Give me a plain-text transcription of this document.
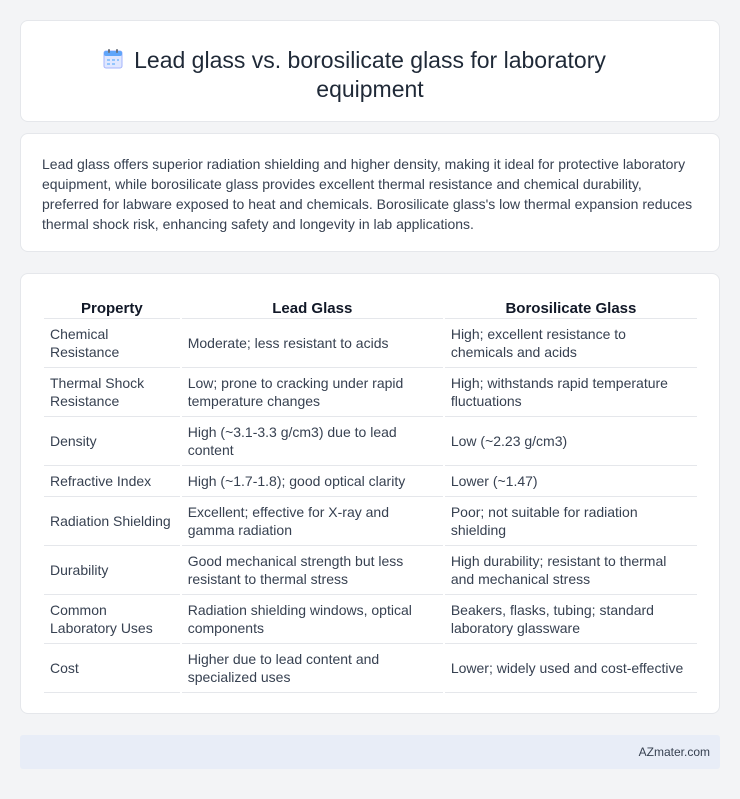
Lead glass vs. borosilicate glass for laboratory equipment

Lead glass offers superior radiation shielding and higher density, making it ideal for protective laboratory equipment, while borosilicate glass provides excellent thermal resistance and chemical durability, preferred for labware exposed to heat and chemicals. Borosilicate glass's low thermal expansion reduces thermal shock risk, enhancing safety and longevity in lab applications.

Property	Lead Glass	Borosilicate Glass
Chemical Resistance	Moderate; less resistant to acids	High; excellent resistance to chemicals and acids
Thermal Shock Resistance	Low; prone to cracking under rapid temperature changes	High; withstands rapid temperature fluctuations
Density	High (~3.1-3.3 g/cm3) due to lead content	Low (~2.23 g/cm3)
Refractive Index	High (~1.7-1.8); good optical clarity	Lower (~1.47)
Radiation Shielding	Excellent; effective for X-ray and gamma radiation	Poor; not suitable for radiation shielding
Durability	Good mechanical strength but less resistant to thermal stress	High durability; resistant to thermal and mechanical stress
Common Laboratory Uses	Radiation shielding windows, optical components	Beakers, flasks, tubing; standard laboratory glassware
Cost	Higher due to lead content and specialized uses	Lower; widely used and cost-effective
AZmater.com
